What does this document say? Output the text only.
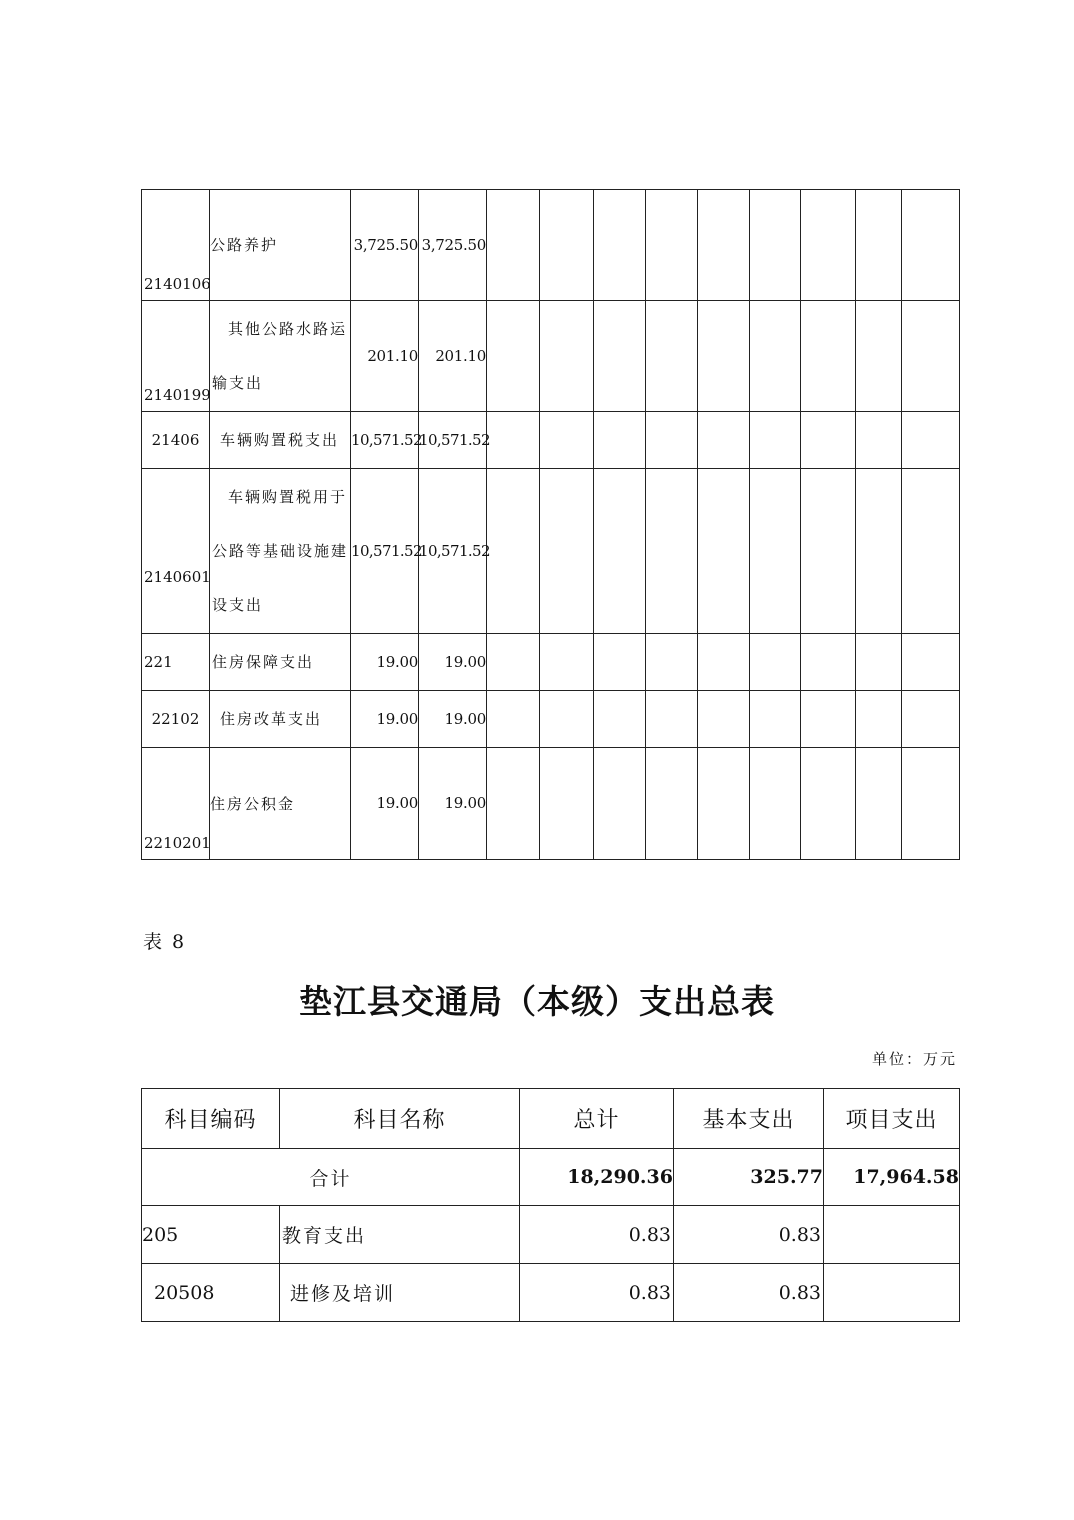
2140106	公路养护	3,725.50	3,725.50									
2140199	其他公路水路运
输支出	201.10	201.10									
21406	车辆购置税支出	10,571.52	10,571.52									
2140601	车辆购置税用于
公路等基础设施建
设支出	10,571.52	10,571.52									
221	住房保障支出	19.00	19.00									
22102	住房改革支出	19.00	19.00									
2210201	住房公积金	19.00	19.00									
表 8
垫江县交通局（本级）支出总表
单位：万元
科目编码	科目名称	总计	基本支出	项目支出
合计		18,290.36	325.77	17,964.58
205	教育支出	0.83	0.83	
20508	进修及培训	0.83	0.83	
